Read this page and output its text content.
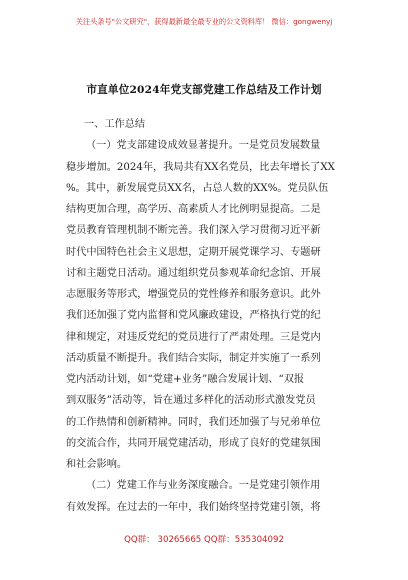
关注头条号"公文研究"，获得最新最全最专业的公文资料库！ 微信：gongwenyj
市直单位2024年党支部党建工作总结及工作计划
一、工作总结
（一）党支部建设成效显著提升。一是党员发展数量
稳步增加。2024年，我局共有XX名党员，比去年增长了XX
%。其中，新发展党员XX名，占总人数的XX%。党员队伍
结构更加合理，高学历、高素质人才比例明显提高。二是
党员教育管理机制不断完善。我们深入学习贯彻习近平新
时代中国特色社会主义思想，定期开展党课学习、专题研
讨和主题党日活动。通过组织党员参观革命纪念馆、开展
志愿服务等形式，增强党员的党性修养和服务意识。此外
我们还加强了党内监督和党风廉政建设，严格执行党的纪
律和规定，对违反党纪的党员进行了严肃处理。三是党内
活动质量不断提升。我们结合实际，制定并实施了一系列
党内活动计划，如“党建+业务”融合发展计划、“双报
到双服务”活动等，旨在通过多样化的活动形式激发党员
的工作热情和创新精神。同时，我们还加强了与兄弟单位
的交流合作，共同开展党建活动，形成了良好的党建氛围
和社会影响。
（二）党建工作与业务深度融合。一是党建引领作用
有效发挥。在过去的一年中，我们始终坚持党建引领，将
QQ群： 30265665 QQ群：535304092
